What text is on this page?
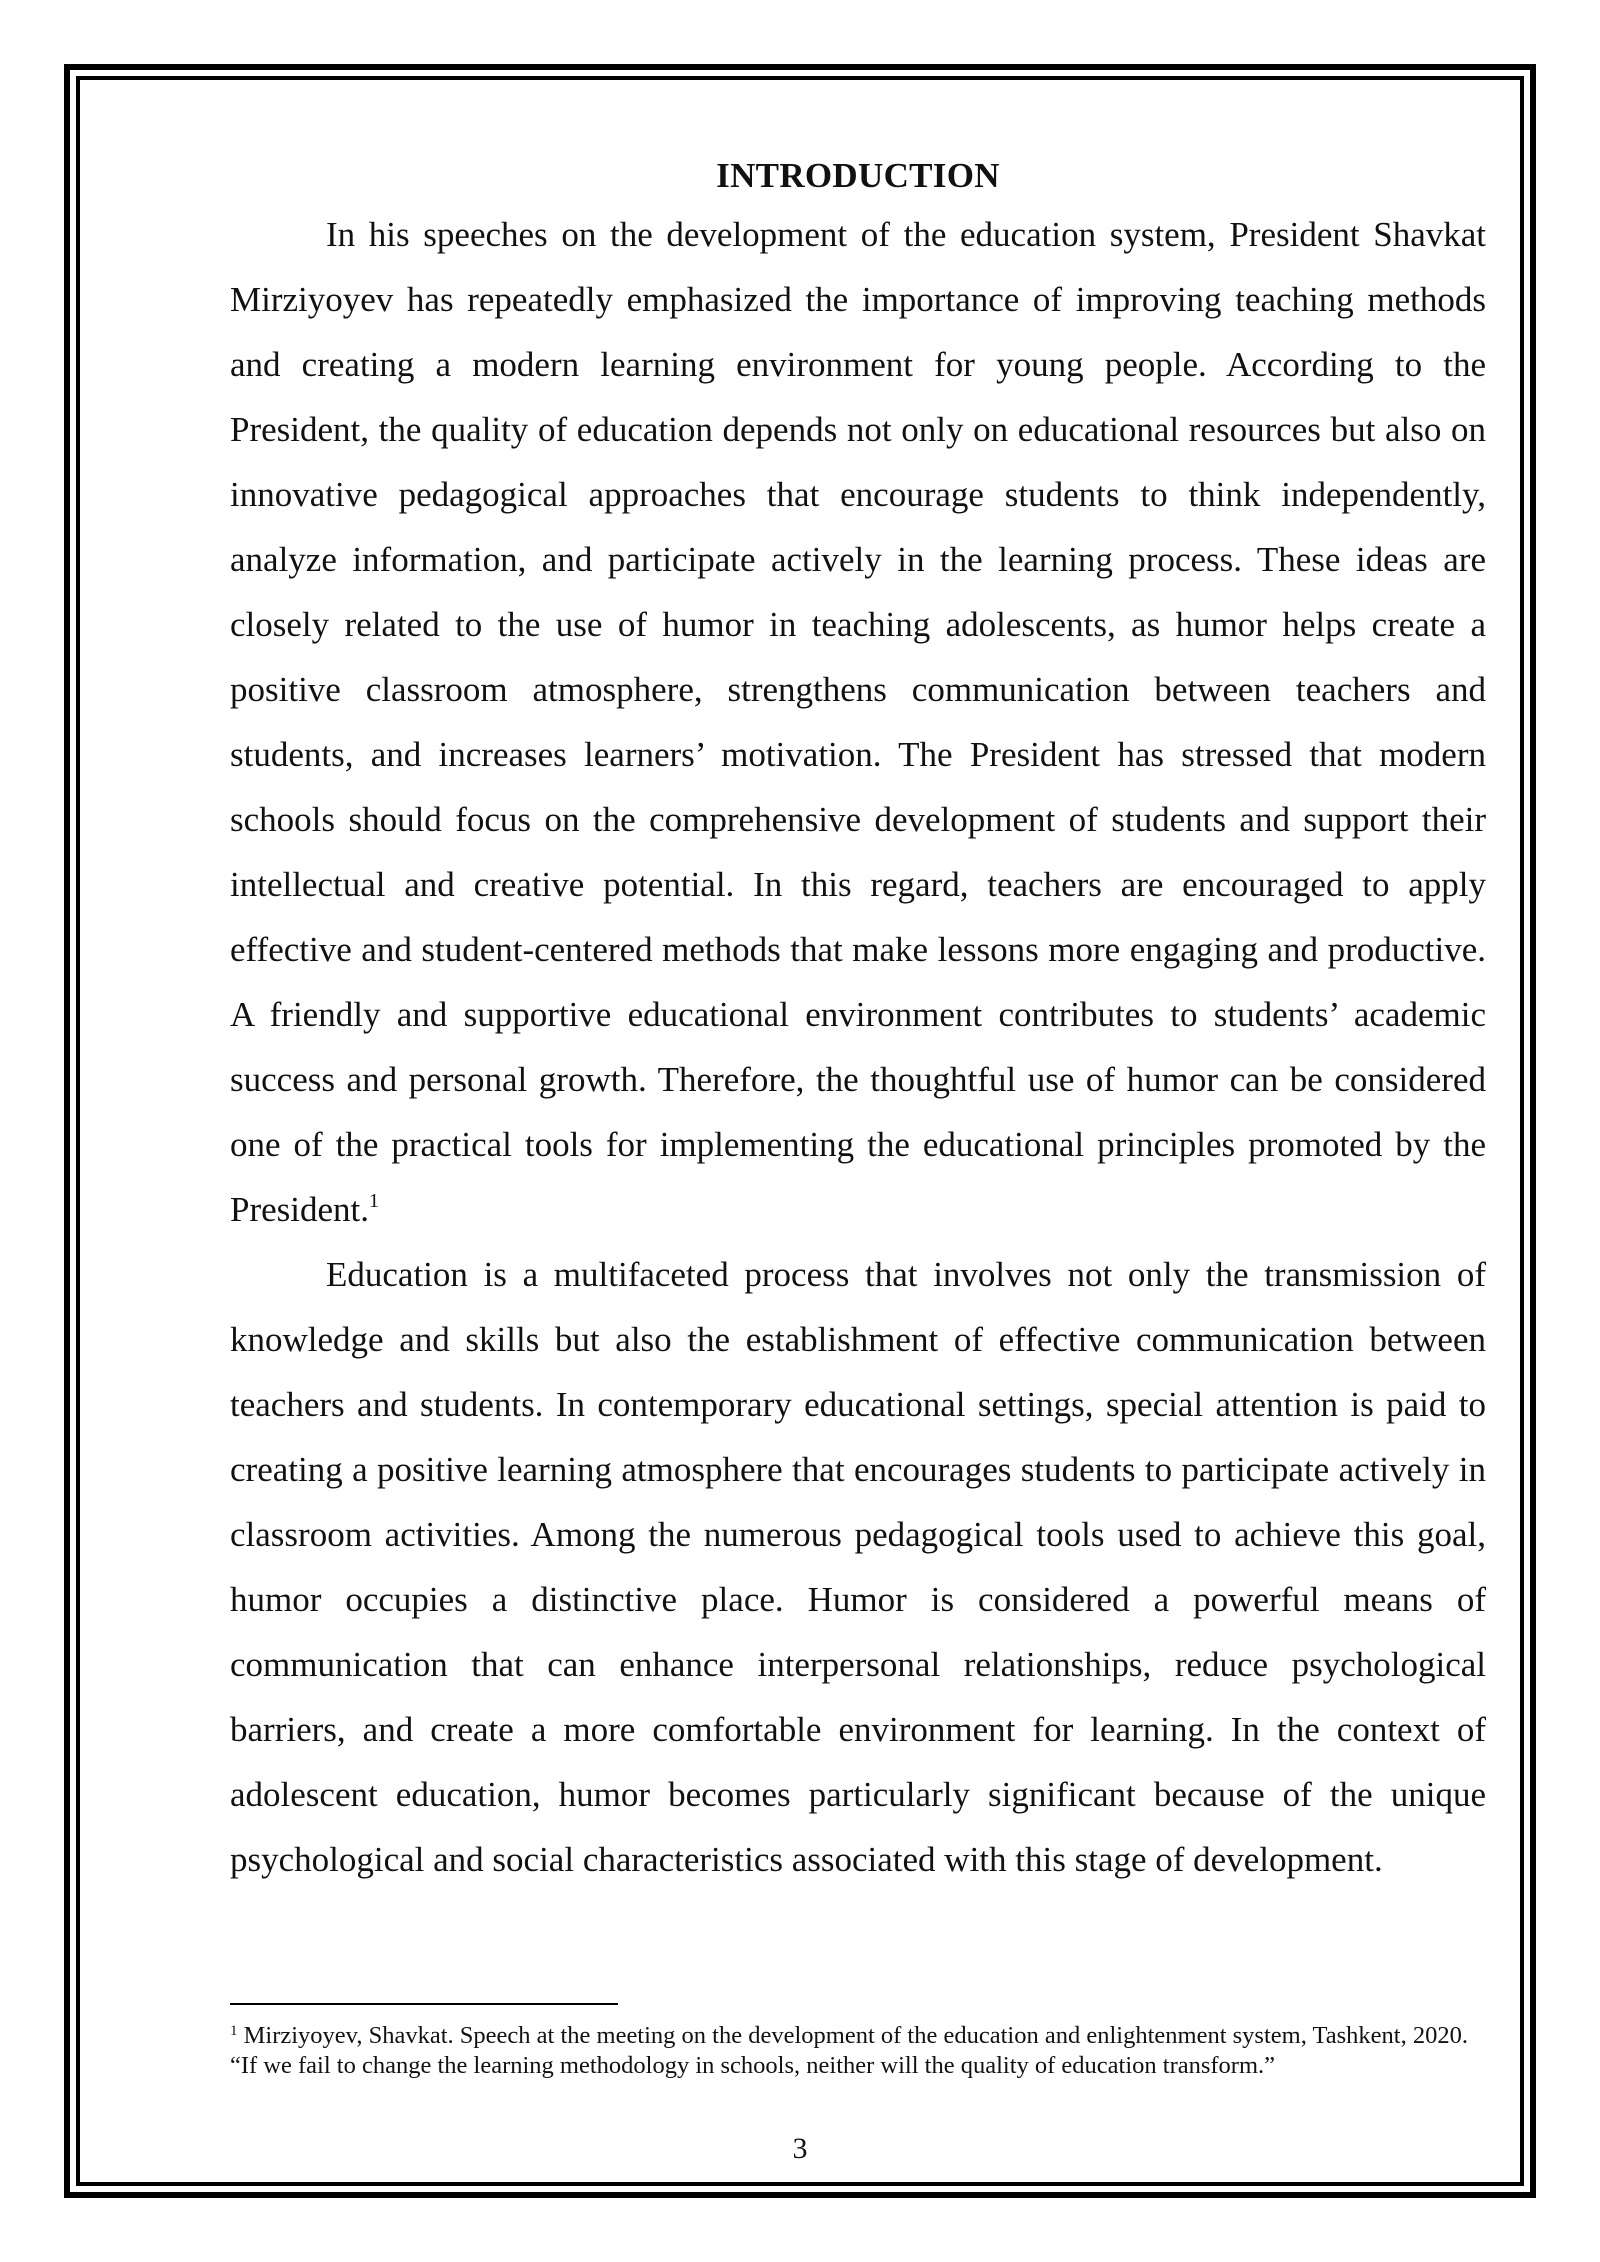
INTRODUCTION

In his speeches on the development of the education system, President Shavkat Mirziyoyev has repeatedly emphasized the importance of improving teaching methods and creating a modern learning environment for young people. According to the President, the quality of education depends not only on educational resources but also on innovative pedagogical approaches that encourage students to think independently, analyze information, and participate actively in the learning process. These ideas are closely related to the use of humor in teaching adolescents, as humor helps create a positive classroom atmosphere, strengthens communication between teachers and students, and increases learners’ motivation. The President has stressed that modern schools should focus on the comprehensive development of students and support their intellectual and creative potential. In this regard, teachers are encouraged to apply effective and student-centered methods that make lessons more engaging and productive. A friendly and supportive educational environment contributes to students’ academic success and personal growth. Therefore, the thoughtful use of humor can be considered one of the practical tools for implementing the educational principles promoted by the President.$^1$

Education is a multifaceted process that involves not only the transmission of knowledge and skills but also the establishment of effective communication between teachers and students. In contemporary educational settings, special attention is paid to creating a positive learning atmosphere that encourages students to participate actively in classroom activities. Among the numerous pedagogical tools used to achieve this goal, humor occupies a distinctive place. Humor is considered a powerful means of communication that can enhance interpersonal relationships, reduce psychological barriers, and create a more comfortable environment for learning. In the context of adolescent education, humor becomes particularly significant because of the unique psychological and social characteristics associated with this stage of development.

$^1$ Mirziyoyev, Shavkat. Speech at the meeting on the development of the education and enlightenment system, Tashkent, 2020. “If we fail to change the learning methodology in schools, neither will the quality of education transform.”

3
